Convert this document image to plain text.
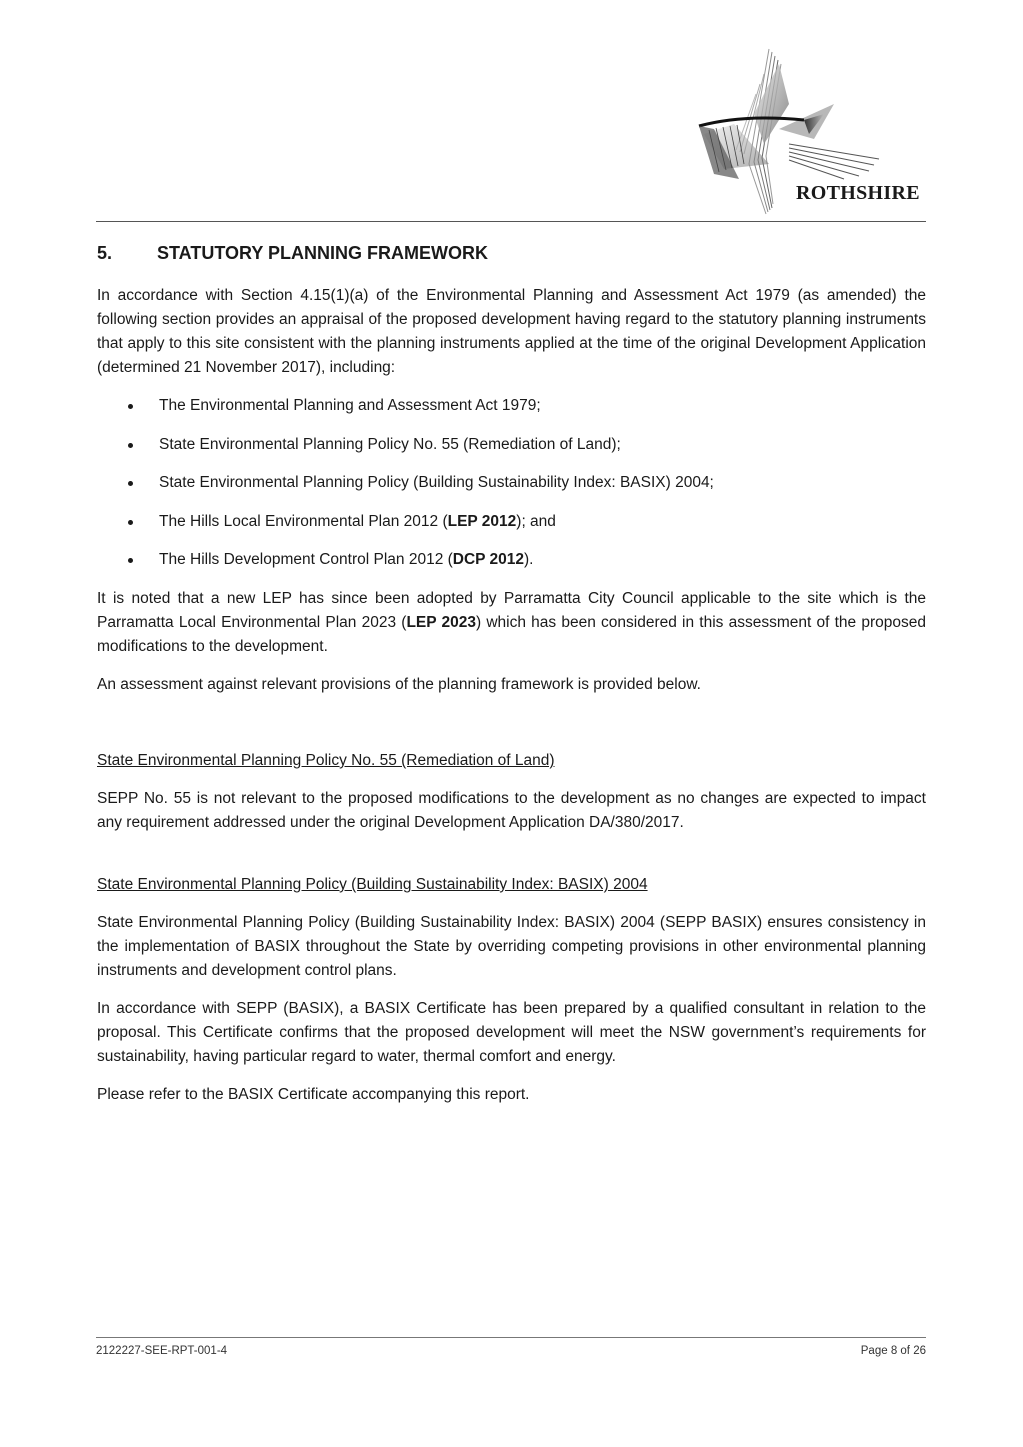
ROTHSHIRE
5.	STATUTORY PLANNING FRAMEWORK

In accordance with Section 4.15(1)(a) of the Environmental Planning and Assessment Act 1979 (as amended) the following section provides an appraisal of the proposed development having regard to the statutory planning instruments that apply to this site consistent with the planning instruments applied at the time of the original Development Application (determined 21 November 2017), including:

The Environmental Planning and Assessment Act 1979;
State Environmental Planning Policy No. 55 (Remediation of Land);
State Environmental Planning Policy (Building Sustainability Index: BASIX) 2004;
The Hills Local Environmental Plan 2012 (LEP 2012); and
The Hills Development Control Plan 2012 (DCP 2012).

It is noted that a new LEP has since been adopted by Parramatta City Council applicable to the site which is the Parramatta Local Environmental Plan 2023 (LEP 2023) which has been considered in this assessment of the proposed modifications to the development.

An assessment against relevant provisions of the planning framework is provided below.

State Environmental Planning Policy No. 55 (Remediation of Land)

SEPP No. 55 is not relevant to the proposed modifications to the development as no changes are expected to impact any requirement addressed under the original Development Application DA/380/2017.

State Environmental Planning Policy (Building Sustainability Index: BASIX) 2004

State Environmental Planning Policy (Building Sustainability Index: BASIX) 2004 (SEPP BASIX) ensures consistency in the implementation of BASIX throughout the State by overriding competing provisions in other environmental planning instruments and development control plans.

In accordance with SEPP (BASIX), a BASIX Certificate has been prepared by a qualified consultant in relation to the proposal. This Certificate confirms that the proposed development will meet the NSW government’s requirements for sustainability, having particular regard to water, thermal comfort and energy.

Please refer to the BASIX Certificate accompanying this report.

2122227-SEE-RPT-001-4	Page 8 of 26
